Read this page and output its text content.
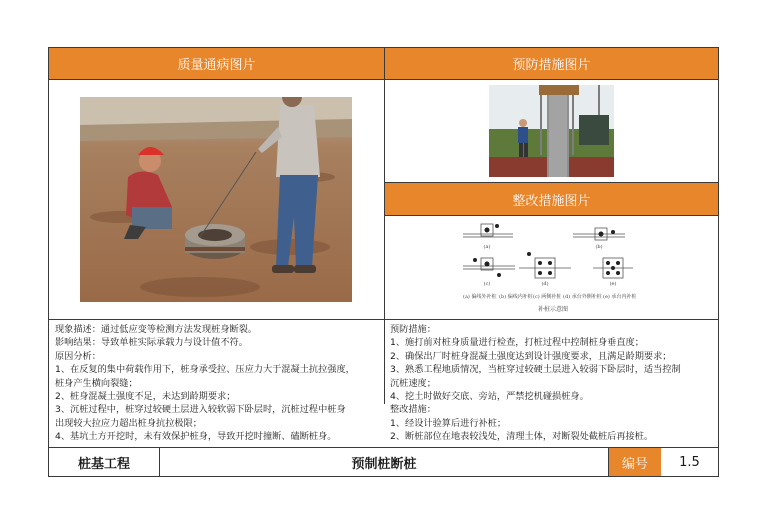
质量通病图片	预防措施图片
整改措施图片
(a)	(b)
(c)	(d)	(e)
(a) 偏线外补桩 (b) 偏线内补桩 (c) 两侧补桩 (d) 承台外侧补桩 (e) 承台内补桩
补桩示意图

现象描述：通过低应变等检测方法发现桩身断裂。

影响结果：导致单桩实际承载力与设计值不符。

原因分析：

1、在反复的集中荷载作用下，桩身承受拉、压应力大于混凝土抗拉强度，

桩身产生横向裂缝；

2、桩身混凝土强度不足，未达到龄期要求；

3、沉桩过程中，桩穿过较硬土层进入较软弱下卧层时，沉桩过程中桩身

出现较大拉应力超出桩身抗拉极限；

4、基坑土方开挖时，未有效保护桩身，导致开挖时撞断、磕断桩身。

预防措施：

1、施打前对桩身质量进行检查，打桩过程中控制桩身垂直度；

2、确保出厂时桩身混凝土强度达到设计强度要求，且满足龄期要求；

3、熟悉工程地质情况，当桩穿过较硬土层进入较弱下卧层时，适当控制

沉桩速度；

4、挖土时做好交底、旁站，严禁挖机碰损桩身。

整改措施：

1、经设计验算后进行补桩；

2、断桩部位在地表较浅处，清理土体，对断裂处截桩后再接桩。

桩基工程	预制桩断桩	编号	1.5
